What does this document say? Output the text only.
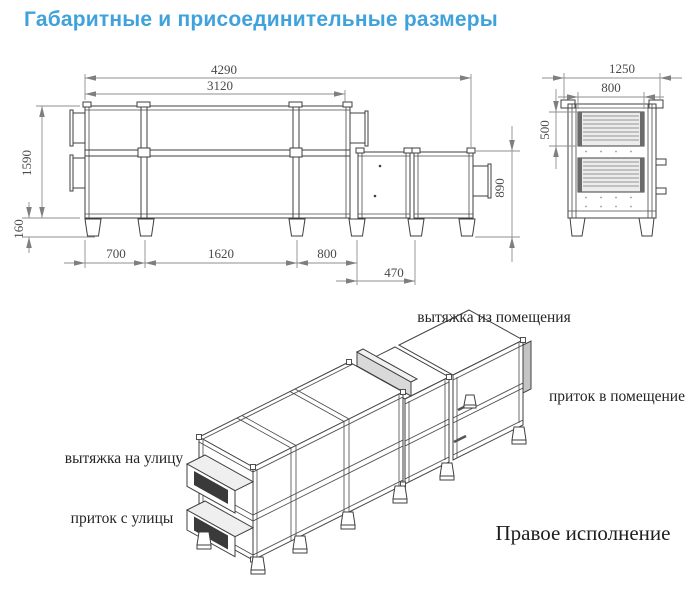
Габаритные и присоединительные размеры
4290
3120
1590
160
700	1620	800
470
890
1250
800
500
вытяжка из помещения
приток в помещение
вытяжка на улицу
приток с улицы
Правое исполнение
